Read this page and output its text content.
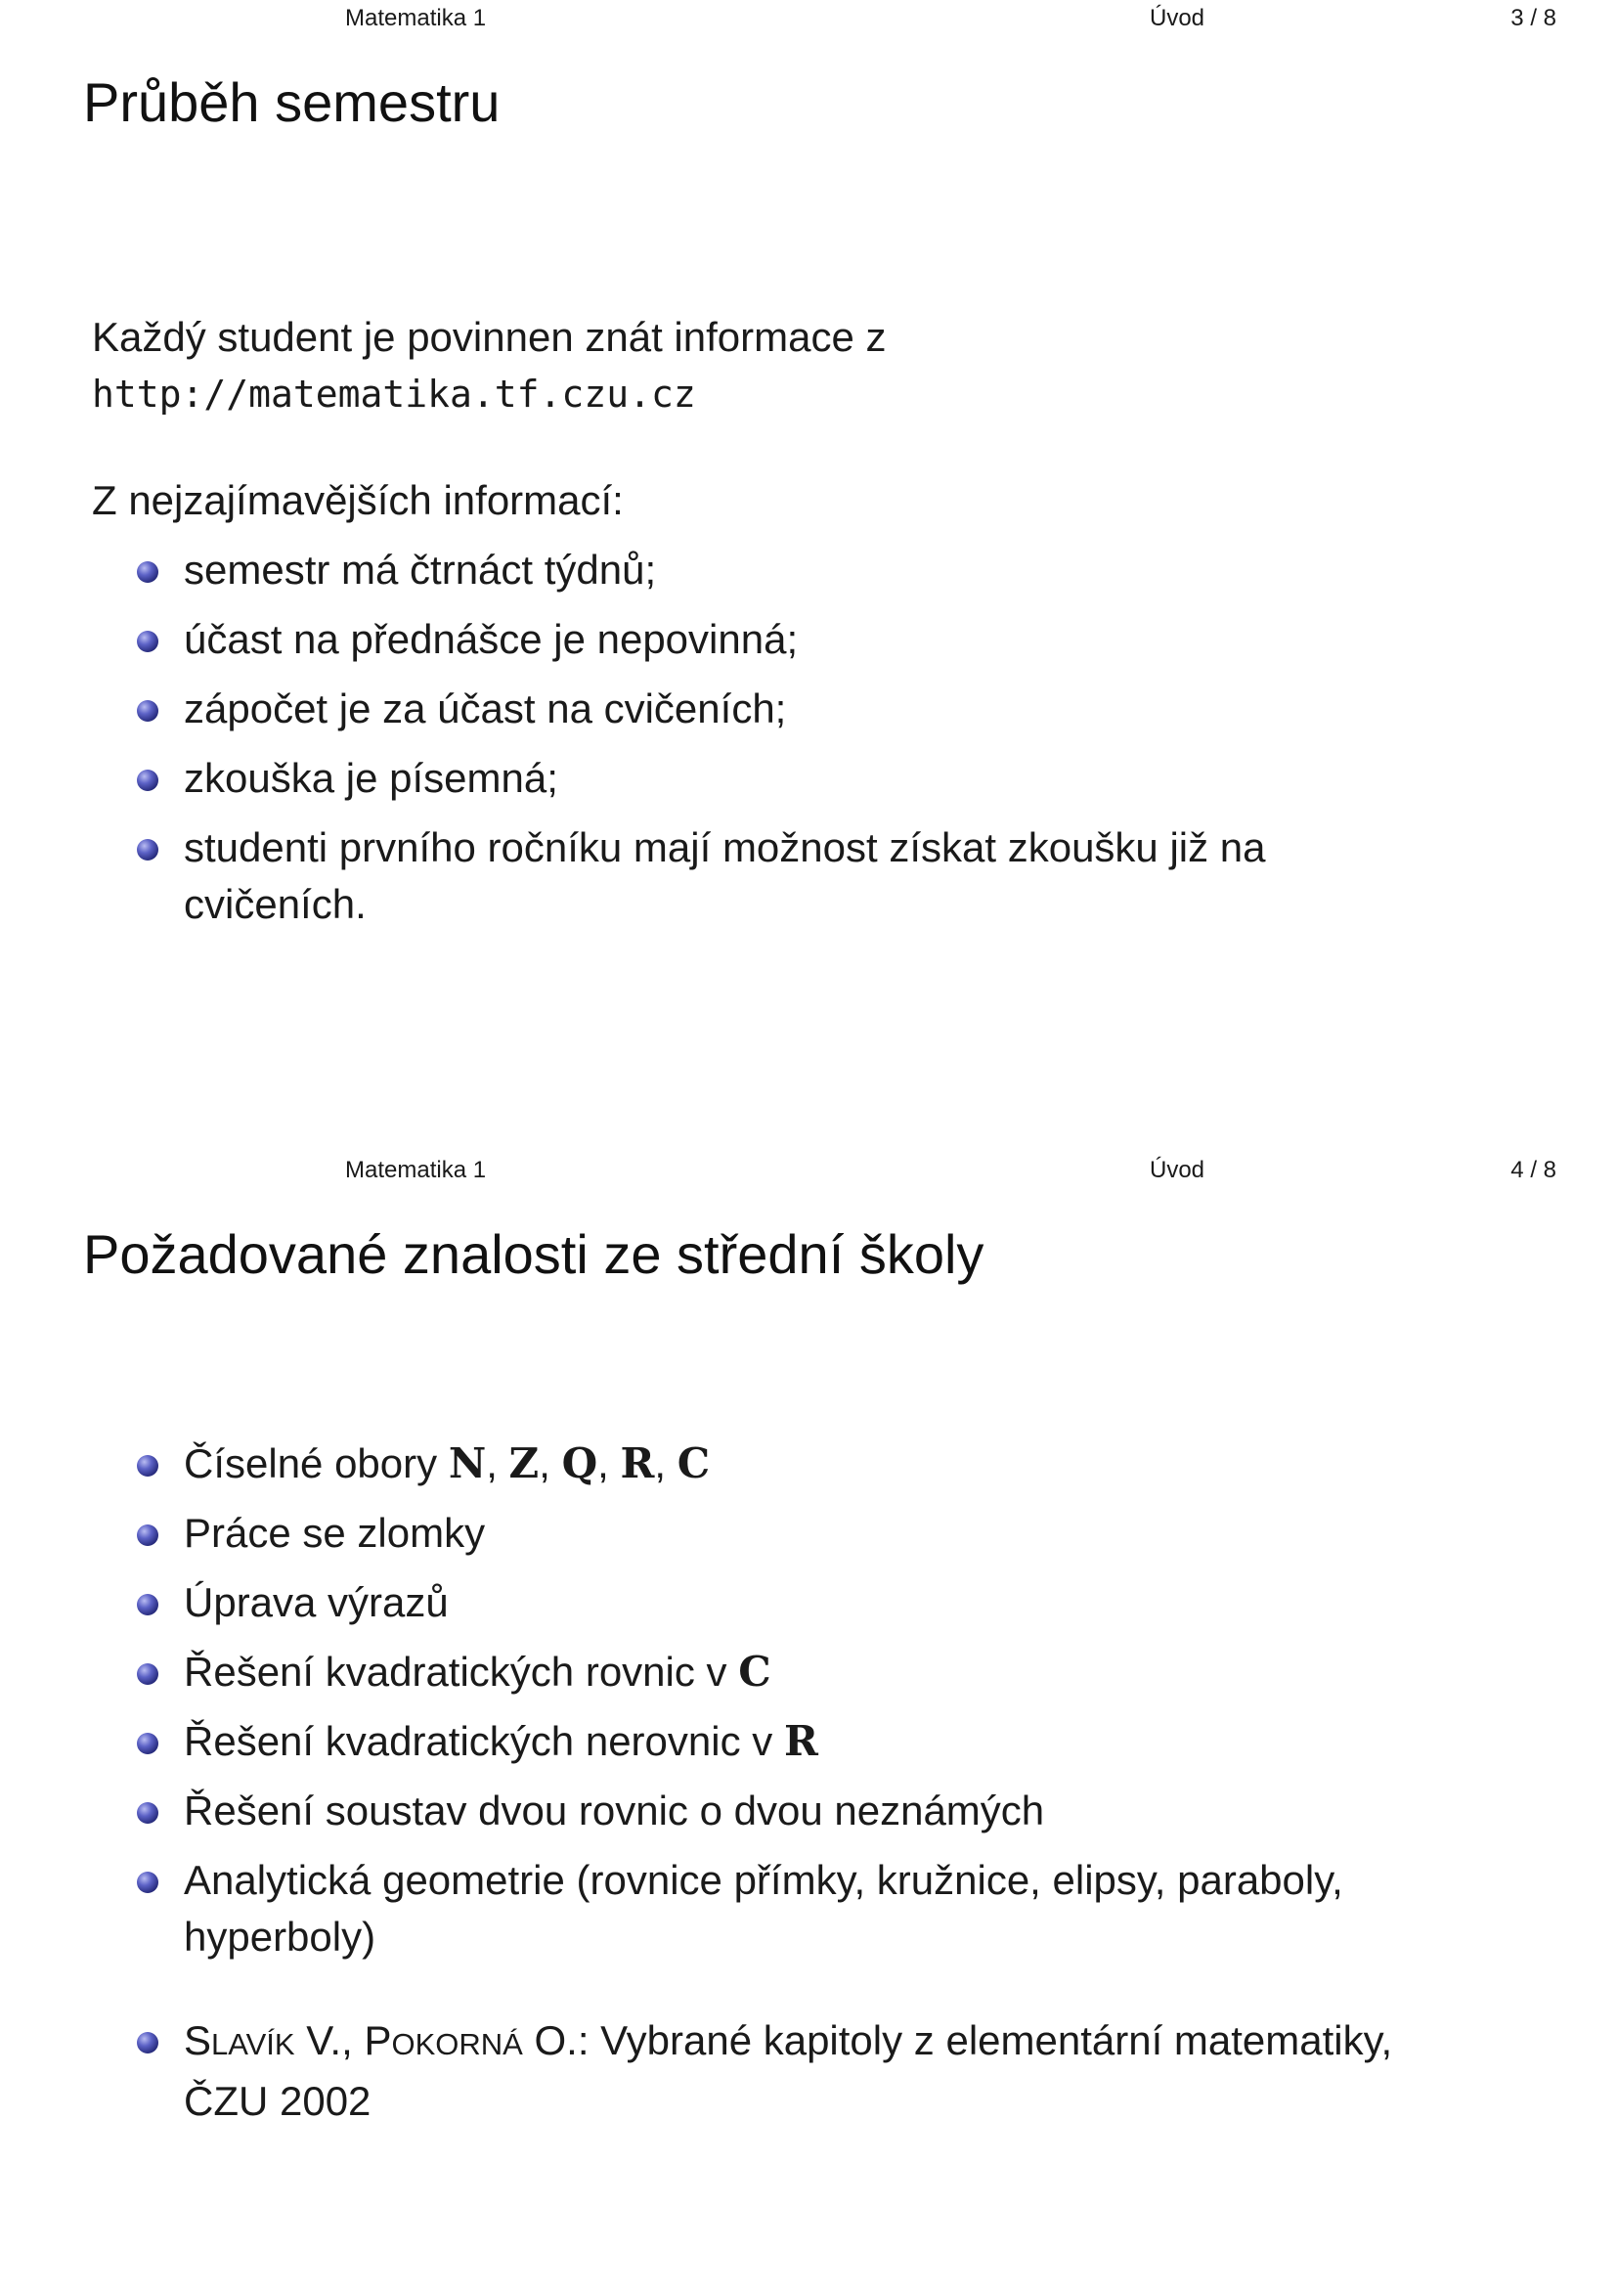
Matematika 1	Úvod	3 / 8
Průběh semestru
Každý student je povinnen znát informace z
http://matematika.tf.czu.cz
Z nejzajímavějších informací:
semestr má čtrnáct týdnů;
účast na přednášce je nepovinná;
zápočet je za účast na cvičeních;
zkouška je písemná;
studenti prvního ročníku mají možnost získat zkoušku již na
cvičeních.
Matematika 1	Úvod	4 / 8
Požadované znalosti ze střední školy
Číselné obory N, Z, Q, R, C
Práce se zlomky
Úprava výrazů
Řešení kvadratických rovnic v C
Řešení kvadratických nerovnic v R
Řešení soustav dvou rovnic o dvou neznámých
Analytická geometrie (rovnice přímky, kružnice, elipsy, paraboly,
hyperboly)
SLAVÍK V., POKORNÁ O.: Vybrané kapitoly z elementární matematiky,
ČZU 2002
